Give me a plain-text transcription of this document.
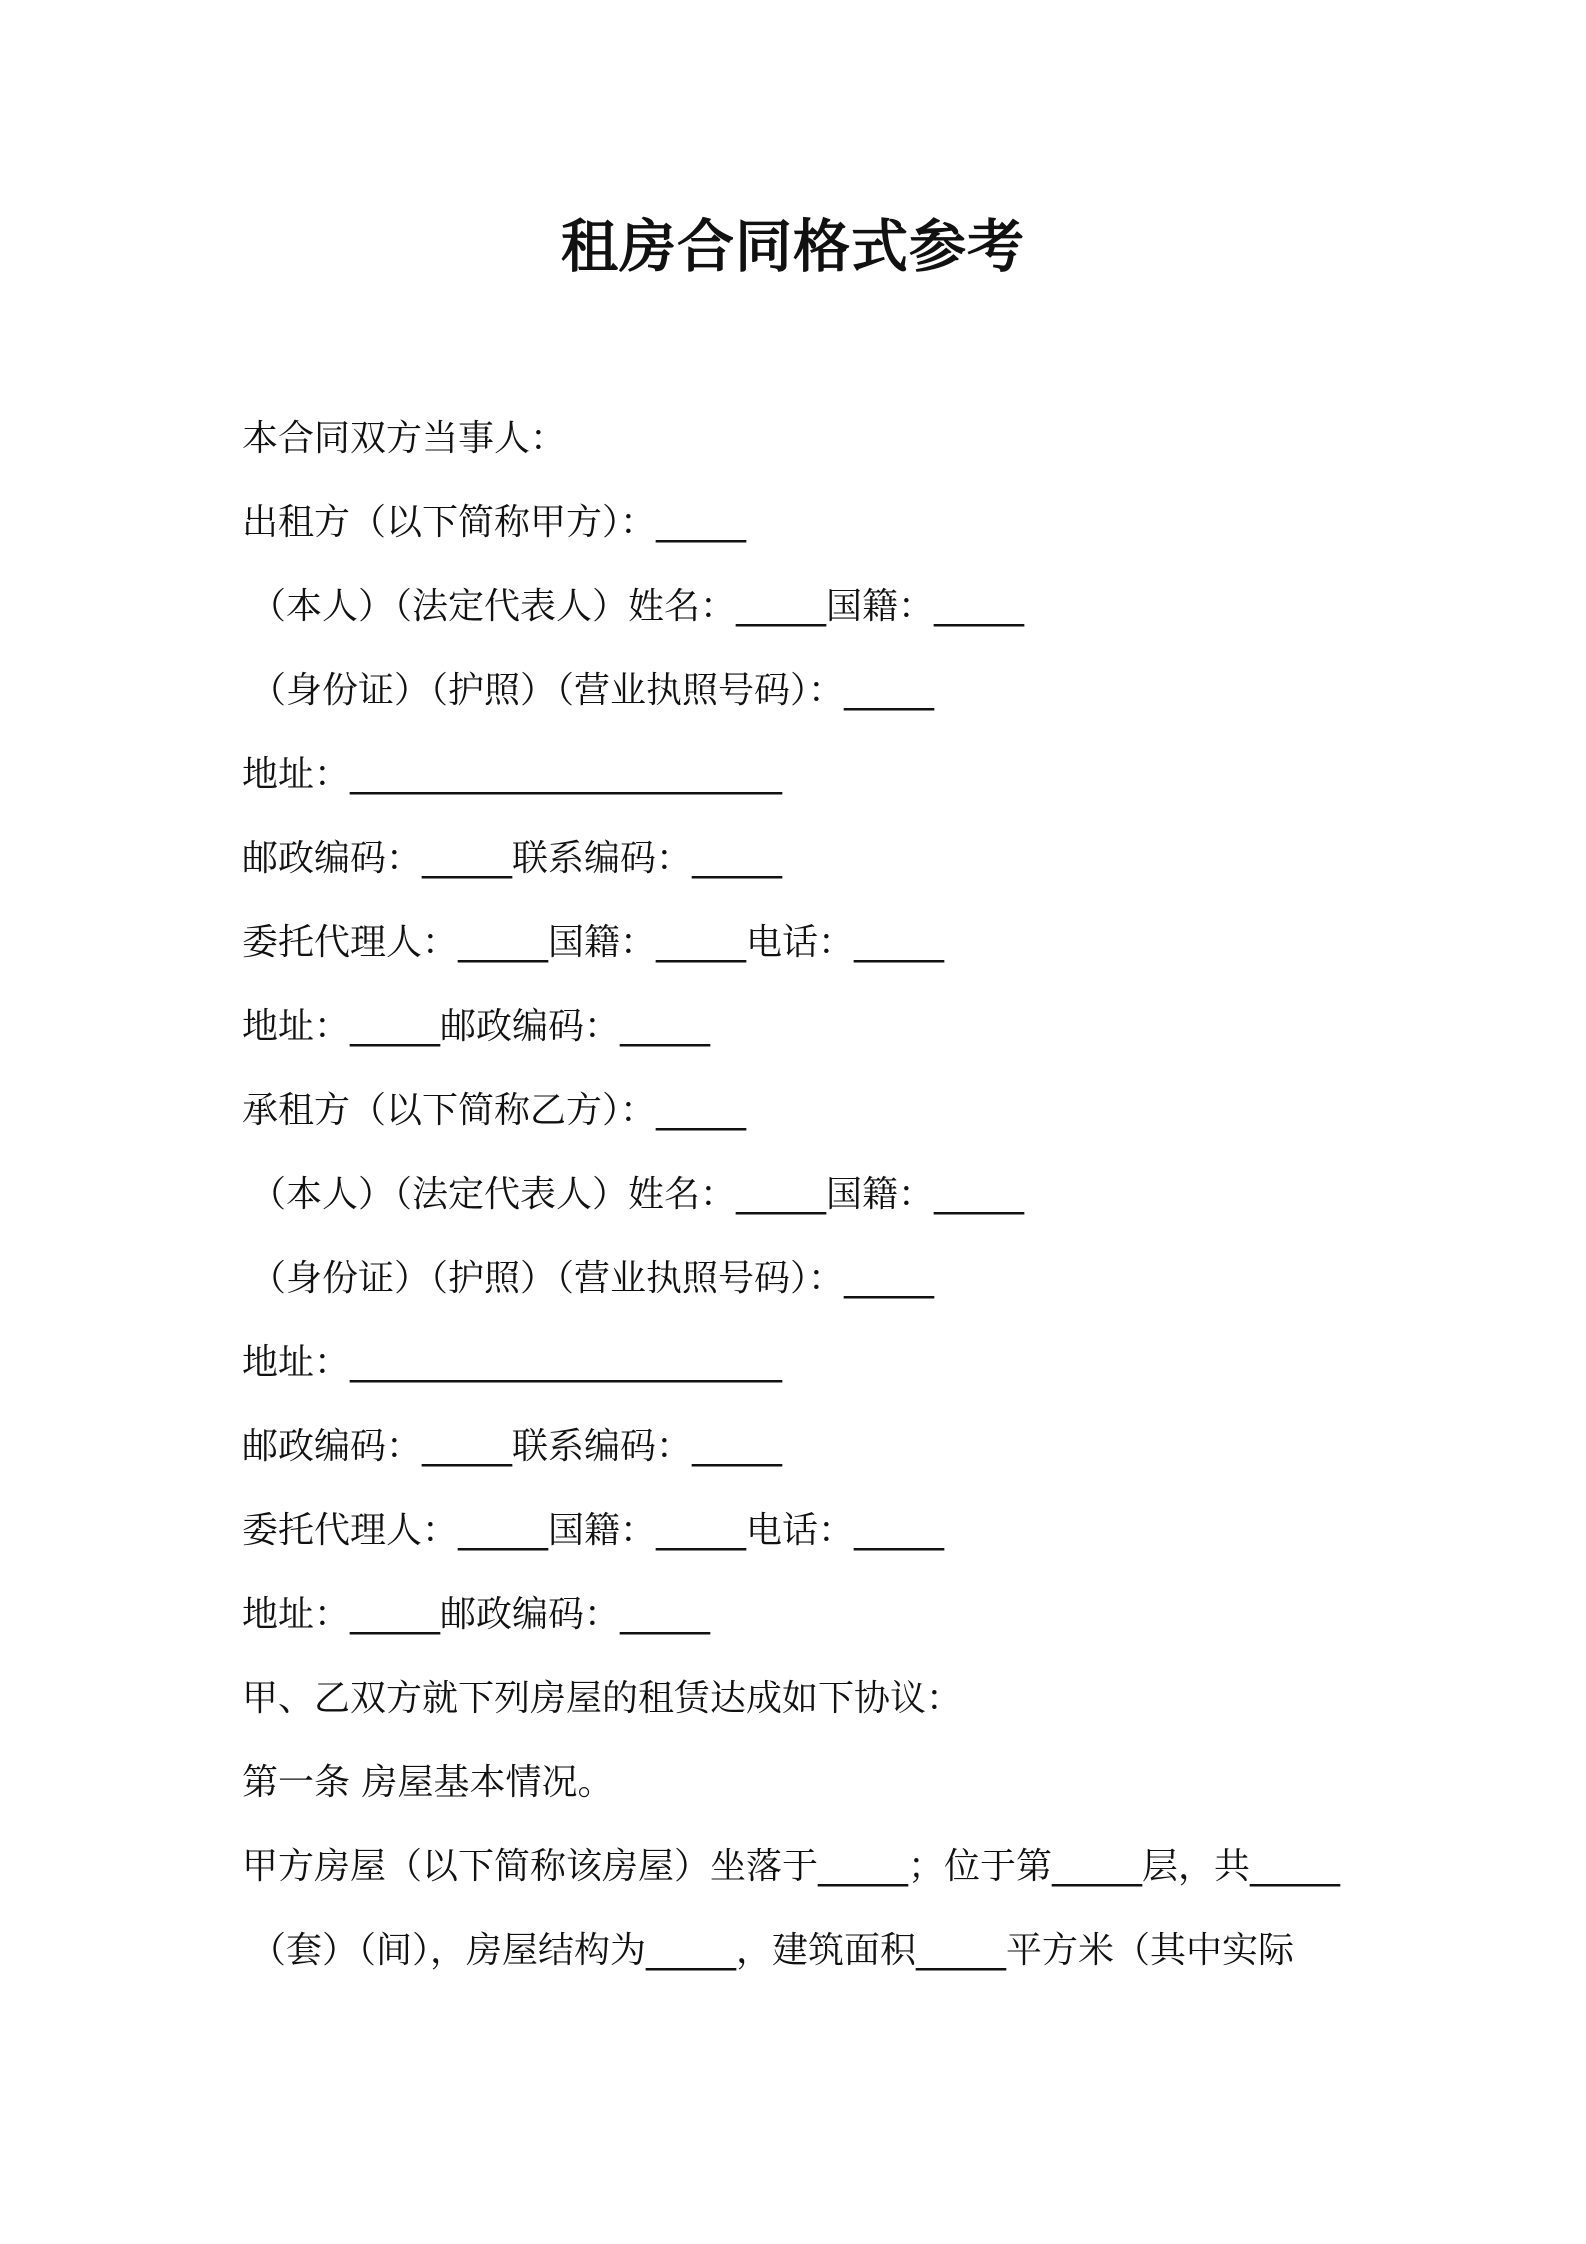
租房合同格式参考
本合同双方当事人：
出租方（以下简称甲方）：_____
（本人）（法定代表人）姓名：_____国籍：_____
（身份证）（护照）（营业执照号码）：_____
地址：________________________
邮政编码：_____联系编码：_____
委托代理人：_____国籍：_____电话：_____
地址：_____邮政编码：_____
承租方（以下简称乙方）：_____
（本人）（法定代表人）姓名：_____国籍：_____
（身份证）（护照）（营业执照号码）：_____
地址：________________________
邮政编码：_____联系编码：_____
委托代理人：_____国籍：_____电话：_____
地址：_____邮政编码：_____
甲、乙双方就下列房屋的租赁达成如下协议：
第一条 房屋基本情况。
甲方房屋（以下简称该房屋）坐落于_____；位于第_____层，共_____
（套）（间），房屋结构为_____，建筑面积_____平方米（其中实际
